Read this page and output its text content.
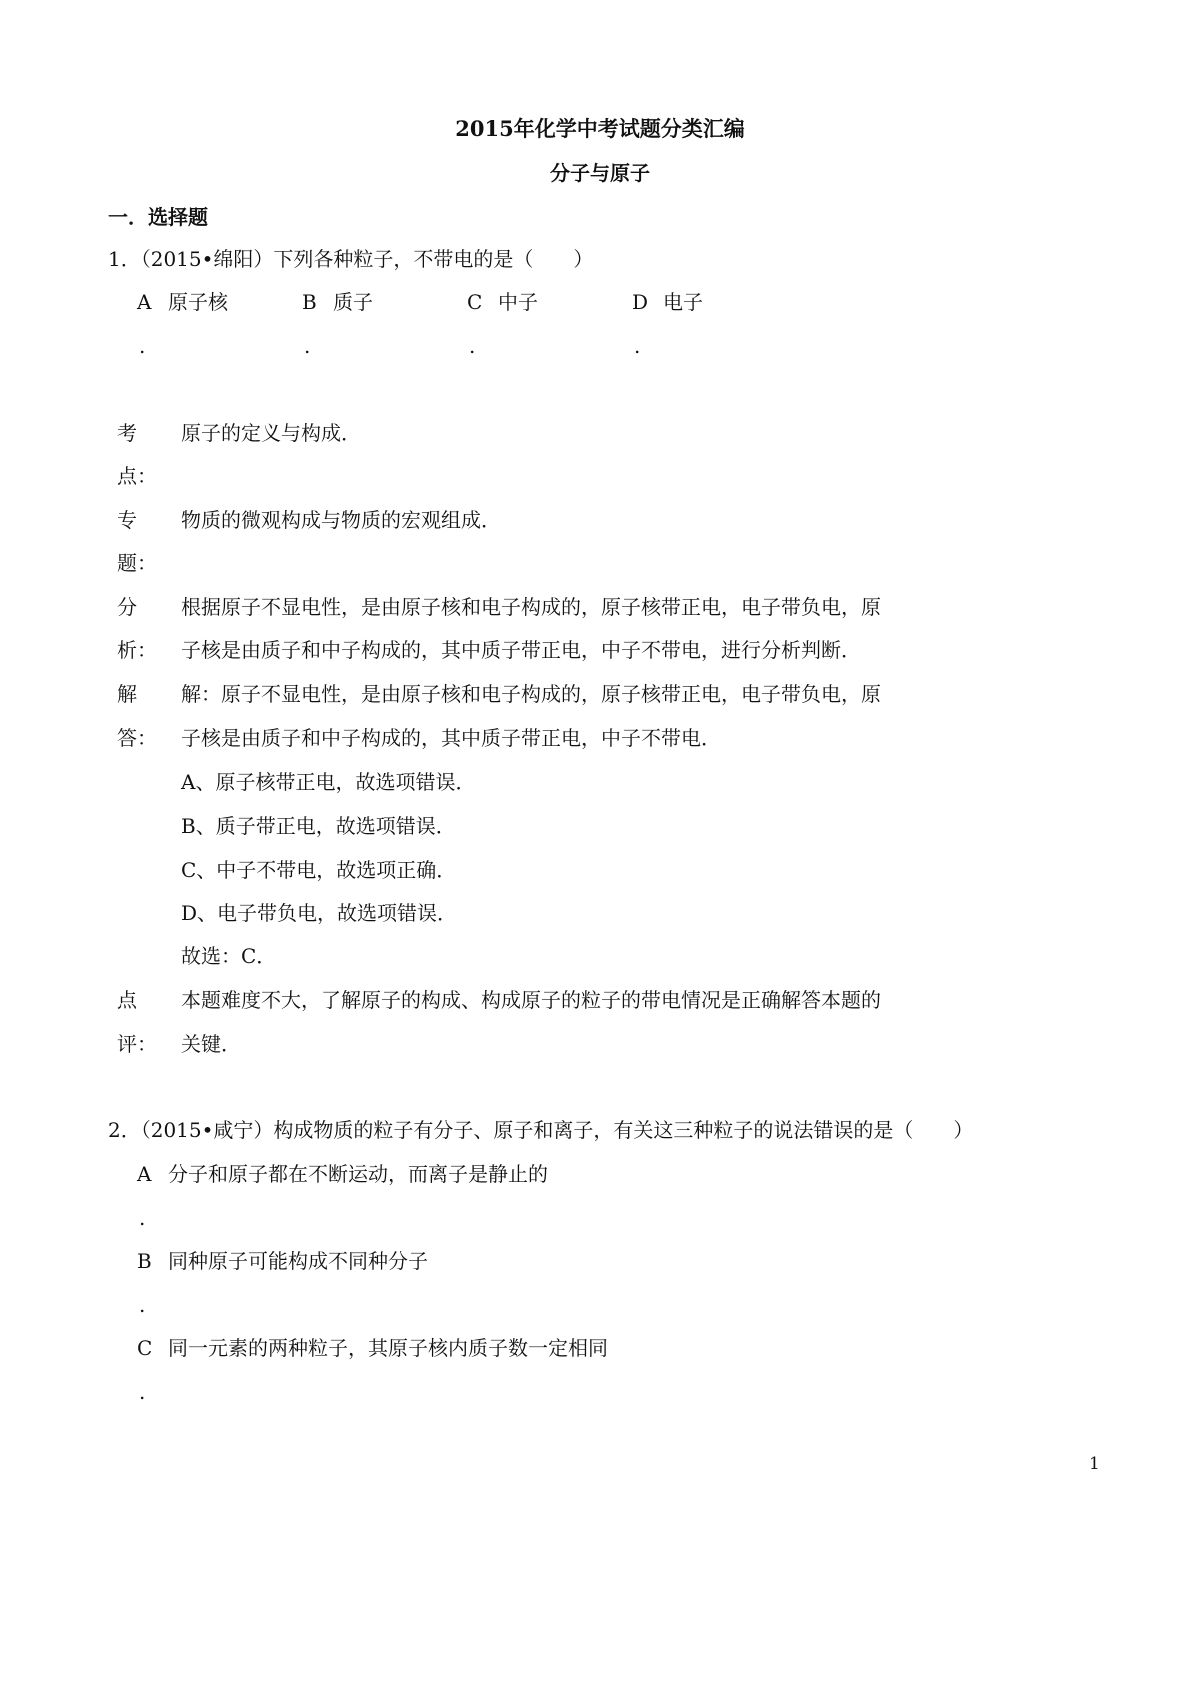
2015年化学中考试题分类汇编
分子与原子
一．选择题
1．（2015•绵阳）下列各种粒子，不带电的是（　　）
A 原子核
.
B 质子
.
C 中子
.
D 电子
.
考
点：
原子的定义与构成．
专
题：
物质的微观构成与物质的宏观组成．
分
析：
根据原子不显电性，是由原子核和电子构成的，原子核带正电，电子带负电，原
子核是由质子和中子构成的，其中质子带正电，中子不带电，进行分析判断．
解
答：
解：原子不显电性，是由原子核和电子构成的，原子核带正电，电子带负电，原
子核是由质子和中子构成的，其中质子带正电，中子不带电．
A、原子核带正电，故选项错误．
B、质子带正电，故选项错误．
C、中子不带电，故选项正确．
D、电子带负电，故选项错误．
故选：C．
点
评：
本题难度不大，了解原子的构成、构成原子的粒子的带电情况是正确解答本题的
关键．
2．（2015•咸宁）构成物质的粒子有分子、原子和离子，有关这三种粒子的说法错误的是（　　）
A 分子和原子都在不断运动，而离子是静止的
.
B 同种原子可能构成不同种分子
.
C 同一元素的两种粒子，其原子核内质子数一定相同
.
1
